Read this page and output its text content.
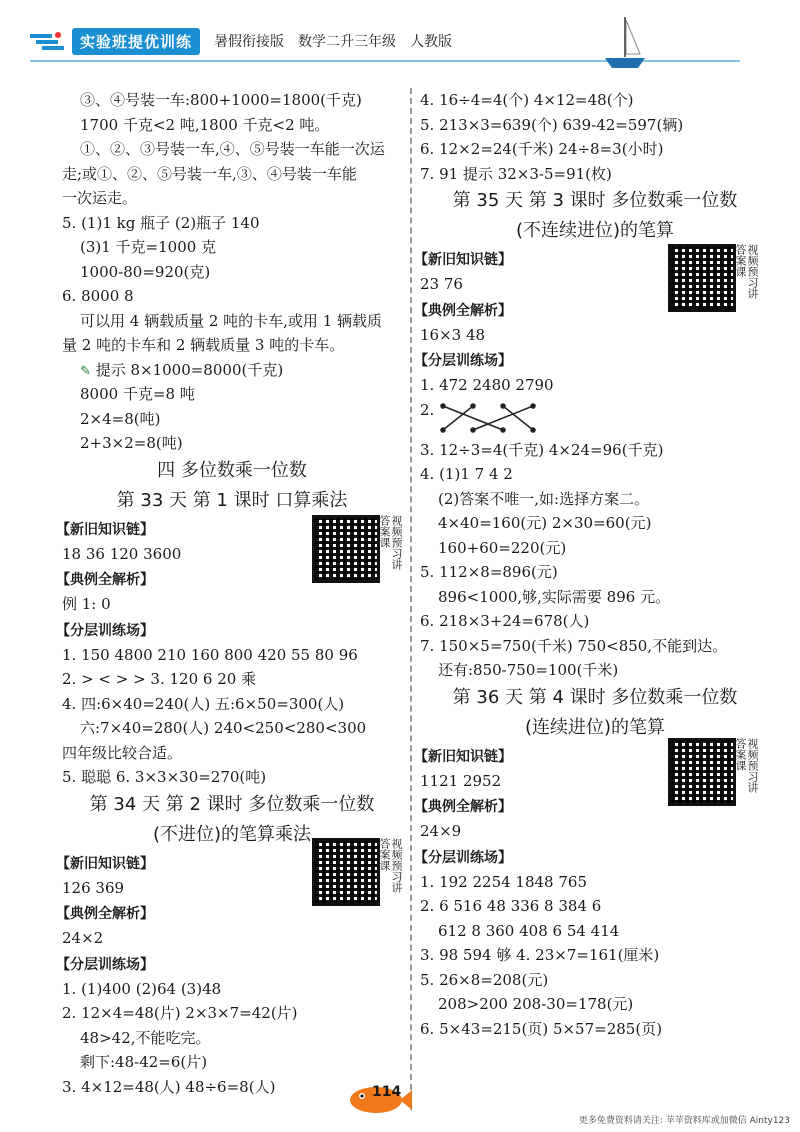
实验班提优训练	暑假衔接版 数学二升三年级 人教版
③、④号装一车:800+1000=1800(千克)
1700 千克<2 吨,1800 千克<2 吨。
①、②、③号装一车,④、⑤号装一车能一次运
走;或①、②、⑤号装一车,③、④号装一车能
一次运走。
5. (1)1 kg 瓶子 (2)瓶子 140
(3)1 千克=1000 克
1000-80=920(克)
6. 8000 8
可以用 4 辆载质量 2 吨的卡车,或用 1 辆载质
量 2 吨的卡车和 2 辆载质量 3 吨的卡车。
✎ 提示 8×1000=8000(千克)
8000 千克=8 吨
2×4=8(吨)
2+3×2=8(吨)
四 多位数乘一位数
第 33 天 第 1 课时 口算乘法
【新旧知识链】
18 36 120 3600
【典例全解析】
例 1: 0
【分层训练场】
1. 150 4800 210 160 800 420 55 80 96
2. > < > > 3. 120 6 20 乘
4. 四:6×40=240(人) 五:6×50=300(人)
六:7×40=280(人) 240<250<280<300
四年级比较合适。
5. 聪聪 6. 3×3×30=270(吨)
第 34 天 第 2 课时 多位数乘一位数
(不进位)的笔算乘法
【新旧知识链】
126 369
【典例全解析】
24×2
【分层训练场】
1. (1)400 (2)64 (3)48
2. 12×4=48(片) 2×3×7=42(片)
48>42,不能吃完。
剩下:48-42=6(片)
3. 4×12=48(人) 48÷6=8(人)
视频预习讲答案课
视频预习讲答案课
4. 16÷4=4(个) 4×12=48(个)
5. 213×3=639(个) 639-42=597(辆)
6. 12×2=24(千米) 24÷8=3(小时)
7. 91 提示 32×3-5=91(枚)
第 35 天 第 3 课时 多位数乘一位数
(不连续进位)的笔算
【新旧知识链】
23 76
【典例全解析】
16×3 48
【分层训练场】
1. 472 2480 2790
2.
3. 12÷3=4(千克) 4×24=96(千克)
4. (1)1 7 4 2
(2)答案不唯一,如:选择方案二。
4×40=160(元) 2×30=60(元)
160+60=220(元)
5. 112×8=896(元)
896<1000,够,实际需要 896 元。
6. 218×3+24=678(人)
7. 150×5=750(千米) 750<850,不能到达。
还有:850-750=100(千米)
第 36 天 第 4 课时 多位数乘一位数
(连续进位)的笔算
【新旧知识链】
1121 2952
【典例全解析】
24×9
【分层训练场】
1. 192 2254 1848 765
2. 6 516 48 336 8 384 6
612 8 360 408 6 54 414
3. 98 594 够 4. 23×7=161(厘米)
5. 26×8=208(元)
208>200 208-30=178(元)
6. 5×43=215(页) 5×57=285(页)
视频预习讲答案课
视频预习讲答案课
114
更多免费资料请关注: 苹苹资料库或加微信 Ainty123
